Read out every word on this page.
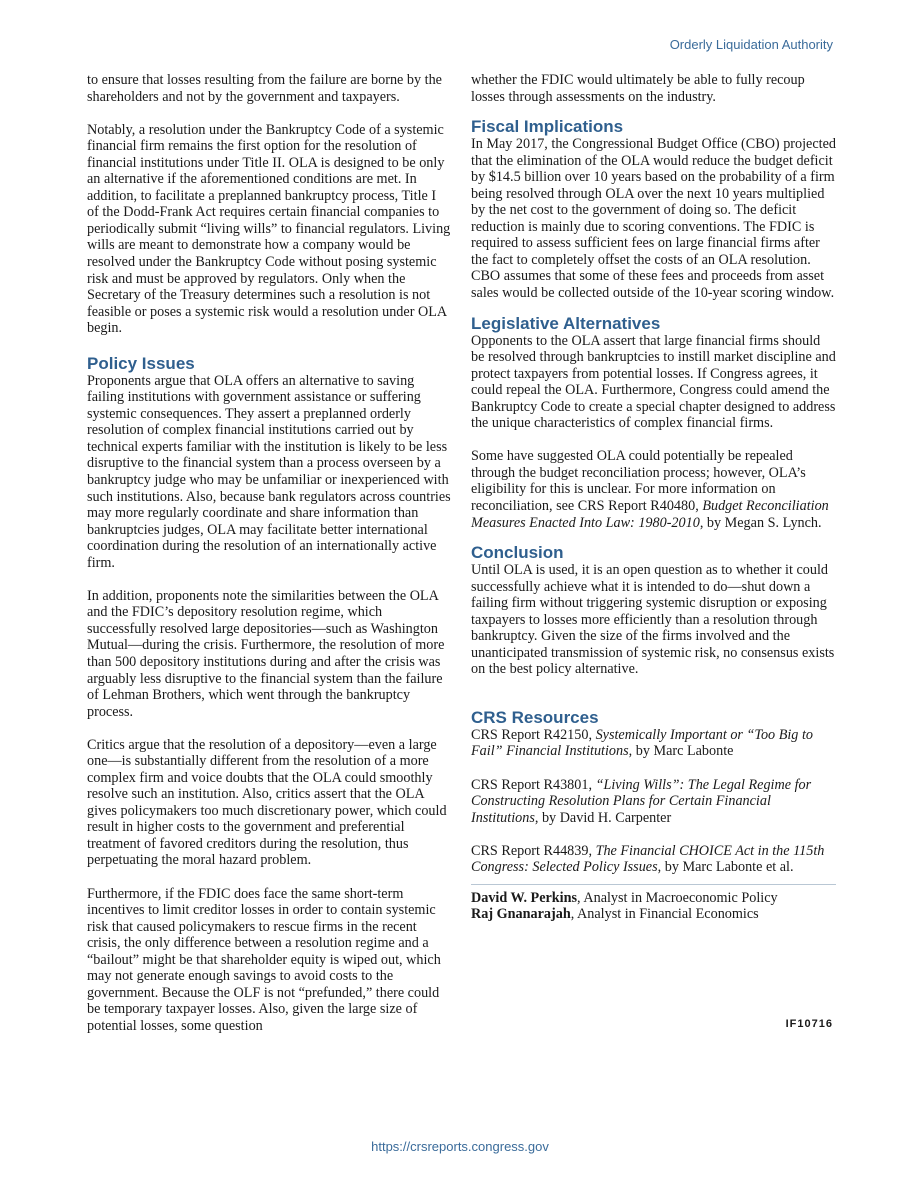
Orderly Liquidation Authority

to ensure that losses resulting from the failure are borne by the shareholders and not by the government and taxpayers.

Notably, a resolution under the Bankruptcy Code of a systemic financial firm remains the first option for the resolution of financial institutions under Title II. OLA is designed to be only an alternative if the aforementioned conditions are met. In addition, to facilitate a preplanned bankruptcy process, Title I of the Dodd-Frank Act requires certain financial companies to periodically submit “living wills” to financial regulators. Living wills are meant to demonstrate how a company would be resolved under the Bankruptcy Code without posing systemic risk and must be approved by regulators. Only when the Secretary of the Treasury determines such a resolution is not feasible or poses a systemic risk would a resolution under OLA begin.

Policy Issues

Proponents argue that OLA offers an alternative to saving failing institutions with government assistance or suffering systemic consequences. They assert a preplanned orderly resolution of complex financial institutions carried out by technical experts familiar with the institution is likely to be less disruptive to the financial system than a process overseen by a bankruptcy judge who may be unfamiliar or inexperienced with such institutions. Also, because bank regulators across countries may more regularly coordinate and share information than bankruptcies judges, OLA may facilitate better international coordination during the resolution of an internationally active firm.

In addition, proponents note the similarities between the OLA and the FDIC’s depository resolution regime, which successfully resolved large depositories—such as Washington Mutual—during the crisis. Furthermore, the resolution of more than 500 depository institutions during and after the crisis was arguably less disruptive to the financial system than the failure of Lehman Brothers, which went through the bankruptcy process.

Critics argue that the resolution of a depository—even a large one—is substantially different from the resolution of a more complex firm and voice doubts that the OLA could smoothly resolve such an institution. Also, critics assert that the OLA gives policymakers too much discretionary power, which could result in higher costs to the government and preferential treatment of favored creditors during the resolution, thus perpetuating the moral hazard problem.

Furthermore, if the FDIC does face the same short-term incentives to limit creditor losses in order to contain systemic risk that caused policymakers to rescue firms in the recent crisis, the only difference between a resolution regime and a “bailout” might be that shareholder equity is wiped out, which may not generate enough savings to avoid costs to the government. Because the OLF is not “prefunded,” there could be temporary taxpayer losses. Also, given the large size of potential losses, some question

whether the FDIC would ultimately be able to fully recoup losses through assessments on the industry.

Fiscal Implications

In May 2017, the Congressional Budget Office (CBO) projected that the elimination of the OLA would reduce the budget deficit by $14.5 billion over 10 years based on the probability of a firm being resolved through OLA over the next 10 years multiplied by the net cost to the government of doing so. The deficit reduction is mainly due to scoring conventions. The FDIC is required to assess sufficient fees on large financial firms after the fact to completely offset the costs of an OLA resolution. CBO assumes that some of these fees and proceeds from asset sales would be collected outside of the 10-year scoring window.

Legislative Alternatives

Opponents to the OLA assert that large financial firms should be resolved through bankruptcies to instill market discipline and protect taxpayers from potential losses. If Congress agrees, it could repeal the OLA. Furthermore, Congress could amend the Bankruptcy Code to create a special chapter designed to address the unique characteristics of complex financial firms.

Some have suggested OLA could potentially be repealed through the budget reconciliation process; however, OLA’s eligibility for this is unclear. For more information on reconciliation, see CRS Report R40480, Budget Reconciliation Measures Enacted Into Law: 1980-2010, by Megan S. Lynch.

Conclusion

Until OLA is used, it is an open question as to whether it could successfully achieve what it is intended to do—shut down a failing firm without triggering systemic disruption or exposing taxpayers to losses more efficiently than a resolution through bankruptcy. Given the size of the firms involved and the unanticipated transmission of systemic risk, no consensus exists on the best policy alternative.

CRS Resources

CRS Report R42150, Systemically Important or “Too Big to Fail” Financial Institutions, by Marc Labonte

CRS Report R43801, “Living Wills”: The Legal Regime for Constructing Resolution Plans for Certain Financial Institutions, by David H. Carpenter

CRS Report R44839, The Financial CHOICE Act in the 115th Congress: Selected Policy Issues, by Marc Labonte et al.

David W. Perkins, Analyst in Macroeconomic Policy

Raj Gnanarajah, Analyst in Financial Economics

IF10716
https://crsreports.congress.gov
